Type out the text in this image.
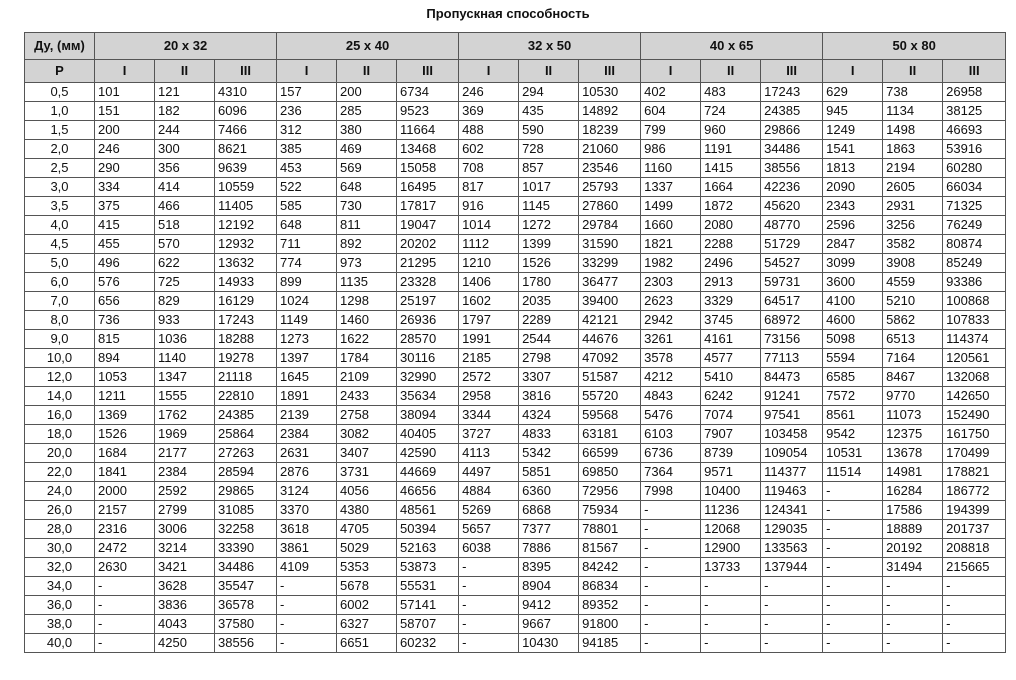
Пропускная способность
Ду, (мм)	20 x 32			25 x 40			32 x 50			40 x 65			50 x 80		
Р	I	II	III	I	II	III	I	II	III	I	II	III	I	II	III
0,5	101	121	4310	157	200	6734	246	294	10530	402	483	17243	629	738	26958
1,0	151	182	6096	236	285	9523	369	435	14892	604	724	24385	945	1134	38125
1,5	200	244	7466	312	380	11664	488	590	18239	799	960	29866	1249	1498	46693
2,0	246	300	8621	385	469	13468	602	728	21060	986	1191	34486	1541	1863	53916
2,5	290	356	9639	453	569	15058	708	857	23546	1160	1415	38556	1813	2194	60280
3,0	334	414	10559	522	648	16495	817	1017	25793	1337	1664	42236	2090	2605	66034
3,5	375	466	11405	585	730	17817	916	1145	27860	1499	1872	45620	2343	2931	71325
4,0	415	518	12192	648	811	19047	1014	1272	29784	1660	2080	48770	2596	3256	76249
4,5	455	570	12932	711	892	20202	1112	1399	31590	1821	2288	51729	2847	3582	80874
5,0	496	622	13632	774	973	21295	1210	1526	33299	1982	2496	54527	3099	3908	85249
6,0	576	725	14933	899	1135	23328	1406	1780	36477	2303	2913	59731	3600	4559	93386
7,0	656	829	16129	1024	1298	25197	1602	2035	39400	2623	3329	64517	4100	5210	100868
8,0	736	933	17243	1149	1460	26936	1797	2289	42121	2942	3745	68972	4600	5862	107833
9,0	815	1036	18288	1273	1622	28570	1991	2544	44676	3261	4161	73156	5098	6513	114374
10,0	894	1140	19278	1397	1784	30116	2185	2798	47092	3578	4577	77113	5594	7164	120561
12,0	1053	1347	21118	1645	2109	32990	2572	3307	51587	4212	5410	84473	6585	8467	132068
14,0	1211	1555	22810	1891	2433	35634	2958	3816	55720	4843	6242	91241	7572	9770	142650
16,0	1369	1762	24385	2139	2758	38094	3344	4324	59568	5476	7074	97541	8561	11073	152490
18,0	1526	1969	25864	2384	3082	40405	3727	4833	63181	6103	7907	103458	9542	12375	161750
20,0	1684	2177	27263	2631	3407	42590	4113	5342	66599	6736	8739	109054	10531	13678	170499
22,0	1841	2384	28594	2876	3731	44669	4497	5851	69850	7364	9571	114377	11514	14981	178821
24,0	2000	2592	29865	3124	4056	46656	4884	6360	72956	7998	10400	119463	-	16284	186772
26,0	2157	2799	31085	3370	4380	48561	5269	6868	75934	-	11236	124341	-	17586	194399
28,0	2316	3006	32258	3618	4705	50394	5657	7377	78801	-	12068	129035	-	18889	201737
30,0	2472	3214	33390	3861	5029	52163	6038	7886	81567	-	12900	133563	-	20192	208818
32,0	2630	3421	34486	4109	5353	53873	-	8395	84242	-	13733	137944	-	31494	215665
34,0	-	3628	35547	-	5678	55531	-	8904	86834	-	-	-	-	-	-
36,0	-	3836	36578	-	6002	57141	-	9412	89352	-	-	-	-	-	-
38,0	-	4043	37580	-	6327	58707	-	9667	91800	-	-	-	-	-	-
40,0	-	4250	38556	-	6651	60232	-	10430	94185	-	-	-	-	-	-
